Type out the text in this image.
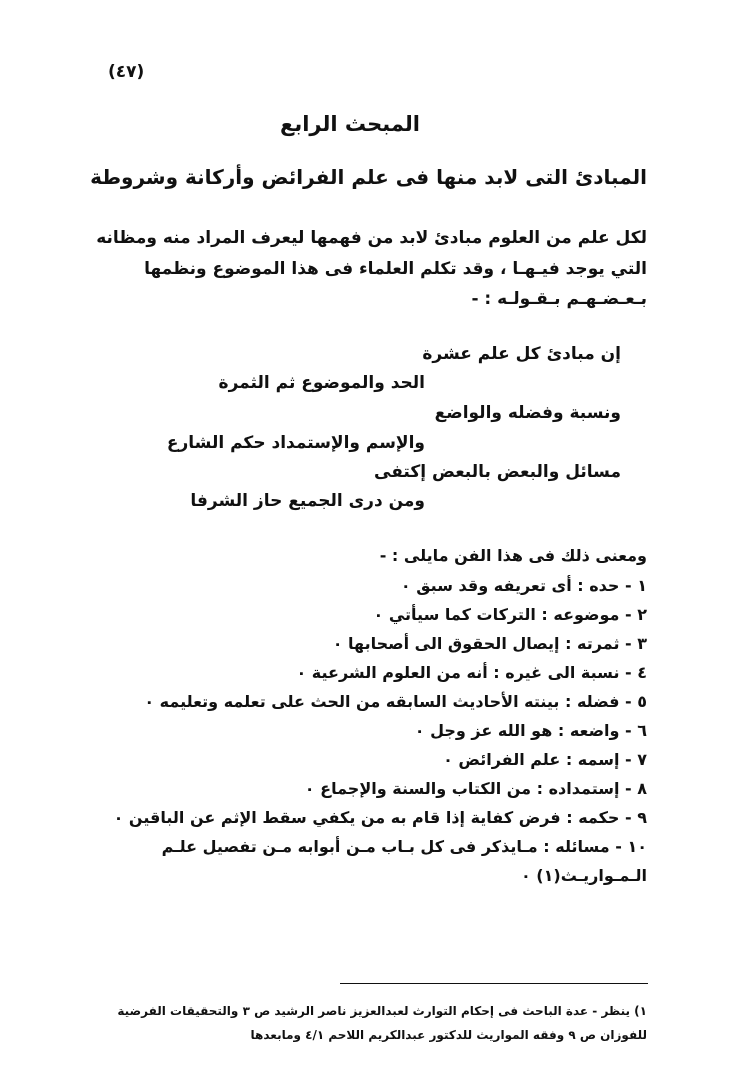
(٤٧)
المبحث الرابع
المبادئ التى لابد منها فى علم الفرائض وأركانة وشروطة
لكل علم من العلوم مبادئ لابد من فهمها ليعرف المراد منه ومظانه
التي يوجد فيـهـا ، وقد تكلم العلماء فى هذا الموضوع ونظمها
بـعـضـهـم بـقـولـه : -
إن مبادئ كل علم عشرة
الحد والموضوع ثم الثمرة
ونسبة وفضله والواضع
والإسم والإستمداد حكم الشارع
مسائل والبعض بالبعض إكتفى
ومن درى الجميع حاز الشرفا
ومعنى ذلك فى هذا الفن مايلى : -
١ - حده : أى تعريفه وقد سبق ٠
٢ - موضوعه : التركات كما سيأتي ٠
٣ - ثمرته : إيصال الحقوق الى أصحابها ٠
٤ - نسبة الى غيره : أنه من العلوم الشرعية ٠
٥ - فضله : بينته الأحاديث السابقه من الحث على تعلمه وتعليمه ٠
٦ - واضعه : هو الله عز وجل ٠
٧ - إسمه : علم الفرائض ٠
٨ - إستمداده : من الكتاب والسنة والإجماع ٠
٩ - حكمه : فرض كفاية إذا قام به من يكفي سقط الإثم عن الباقين ٠
١٠ - مسائله : مـايذكر فى كل بـاب مـن أبوابه مـن تفصيل علـم
الـمـواريـث(١) ٠
١) ينظر - عدة الباحث فى إحكام التوارث لعبدالعزيز ناصر الرشيد ص ٣ والتحقيقات الفرضية
للفوزان ص ٩ وفقه المواريث للدكتور عبدالكريم اللاحم ٤/١ ومابعدها
